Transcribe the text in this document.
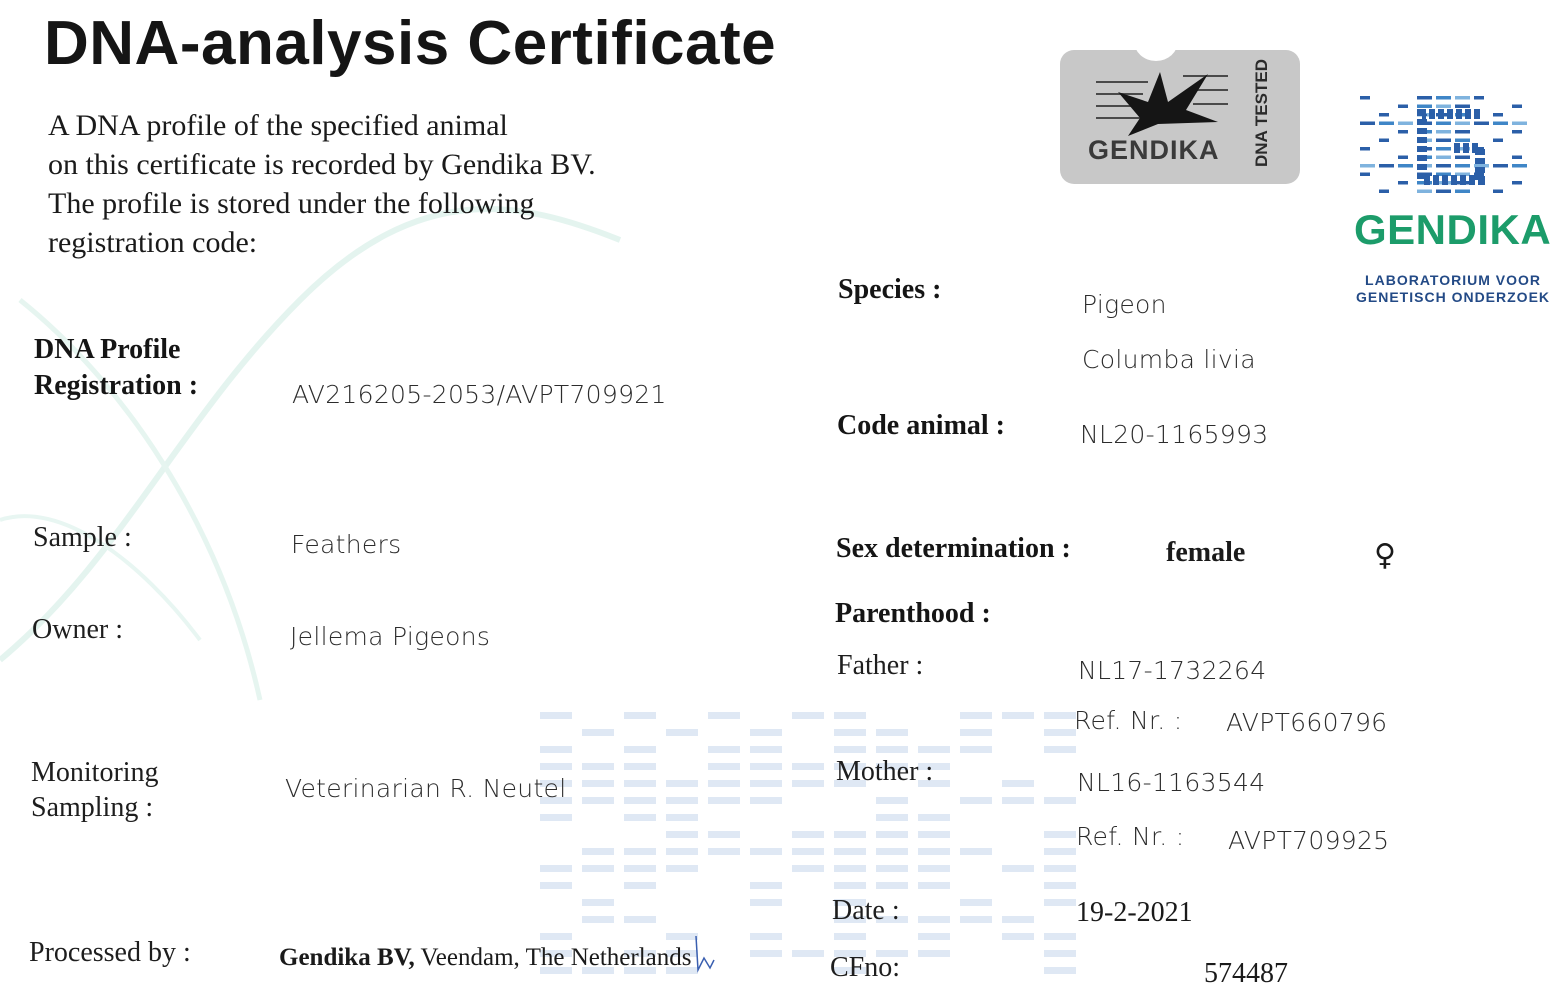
DNA-analysis Certificate
A DNA profile of the specified animal
on this certificate is recorded by Gendika BV.
The profile is stored under the following
registration code:
GENDIKA DNA TESTED
GENDIKA
LABORATORIUM VOOR
GENETISCH ONDERZOEK
DNA Profile
Registration :	AV216205-2053/AVPT709921
Sample :	Feathers
Owner :	Jellema Pigeons
Monitoring
Sampling :
Veterinarian R. Neutel
Processed by :	Gendika BV, Veendam, The Netherlands
Species :	Pigeon
Columba livia
Code animal :	NL20-1165993
Sex determination :	female	♀
Parenthood :
Father :	NL17-1732264
Ref. Nr. : AVPT660796
Mother :	NL16-1163544
Ref. Nr. : AVPT709925
Date :	19-2-2021
CFno:	574487
